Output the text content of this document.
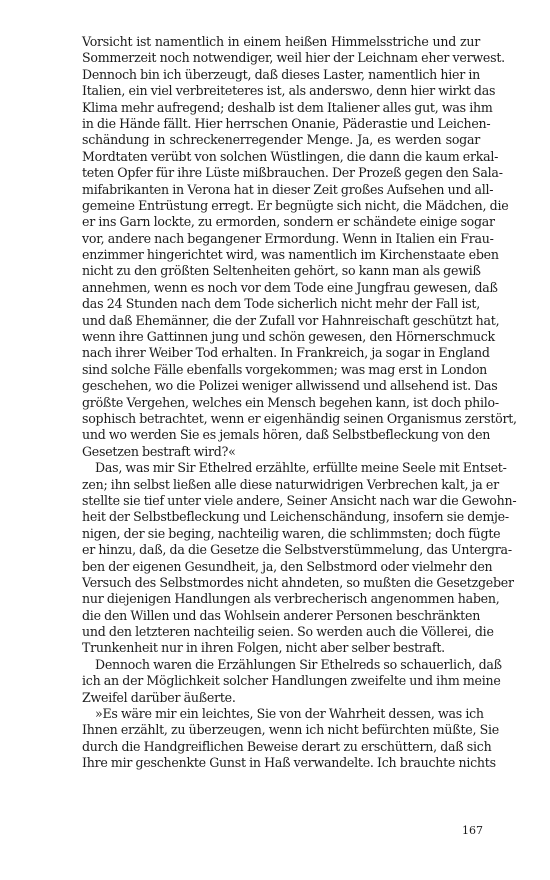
Vorsicht ist namentlich in einem heißen Himmelsstriche und zur
Sommerzeit noch notwendiger, weil hier der Leichnam eher verwest.
Dennoch bin ich überzeugt, daß dieses Laster, namentlich hier in
Italien, ein viel verbreiteteres ist, als anderswo, denn hier wirkt das
Klima mehr aufregend; deshalb ist dem Italiener alles gut, was ihm
in die Hände fällt. Hier herrschen Onanie, Päderastie und Leichen-
schändung in schreckenerregender Menge. Ja, es werden sogar
Mordtaten verübt von solchen Wüstlingen, die dann die kaum erkal-
teten Opfer für ihre Lüste mißbrauchen. Der Prozeß gegen den Sala-
mifabrikanten in Verona hat in dieser Zeit großes Aufsehen und all-
gemeine Entrüstung erregt. Er begnügte sich nicht, die Mädchen, die
er ins Garn lockte, zu ermorden, sondern er schändete einige sogar
vor, andere nach begangener Ermordung. Wenn in Italien ein Frau-
enzimmer hingerichtet wird, was namentlich im Kirchenstaate eben
nicht zu den größten Seltenheiten gehört, so kann man als gewiß
annehmen, wenn es noch vor dem Tode eine Jungfrau gewesen, daß
das 24 Stunden nach dem Tode sicherlich nicht mehr der Fall ist,
und daß Ehemänner, die der Zufall vor Hahnreischaft geschützt hat,
wenn ihre Gattinnen jung und schön gewesen, den Hörnerschmuck
nach ihrer Weiber Tod erhalten. In Frankreich, ja sogar in England
sind solche Fälle ebenfalls vorgekommen; was mag erst in London
geschehen, wo die Polizei weniger allwissend und allsehend ist. Das
größte Vergehen, welches ein Mensch begehen kann, ist doch philo-
sophisch betrachtet, wenn er eigenhändig seinen Organismus zerstört,
und wo werden Sie es jemals hören, daß Selbstbefleckung von den
Gesetzen bestraft wird?«
Das, was mir Sir Ethelred erzählte, erfüllte meine Seele mit Entset-
zen; ihn selbst ließen alle diese naturwidrigen Verbrechen kalt, ja er
stellte sie tief unter viele andere, Seiner Ansicht nach war die Gewohn-
heit der Selbstbefleckung und Leichenschändung, insofern sie demje-
nigen, der sie beging, nachteilig waren, die schlimmsten; doch fügte
er hinzu, daß, da die Gesetze die Selbstverstümmelung, das Untergra-
ben der eigenen Gesundheit, ja, den Selbstmord oder vielmehr den
Versuch des Selbstmordes nicht ahndeten, so mußten die Gesetzgeber
nur diejenigen Handlungen als verbrecherisch angenommen haben,
die den Willen und das Wohlsein anderer Personen beschränkten
und den letzteren nachteilig seien. So werden auch die Völlerei, die
Trunkenheit nur in ihren Folgen, nicht aber selber bestraft.
Dennoch waren die Erzählungen Sir Ethelreds so schauerlich, daß
ich an der Möglichkeit solcher Handlungen zweifelte und ihm meine
Zweifel darüber äußerte.
»Es wäre mir ein leichtes, Sie von der Wahrheit dessen, was ich
Ihnen erzählt, zu überzeugen, wenn ich nicht befürchten müßte, Sie
durch die Handgreiflichen Beweise derart zu erschüttern, daß sich
Ihre mir geschenkte Gunst in Haß verwandelte. Ich brauchte nichts
167
